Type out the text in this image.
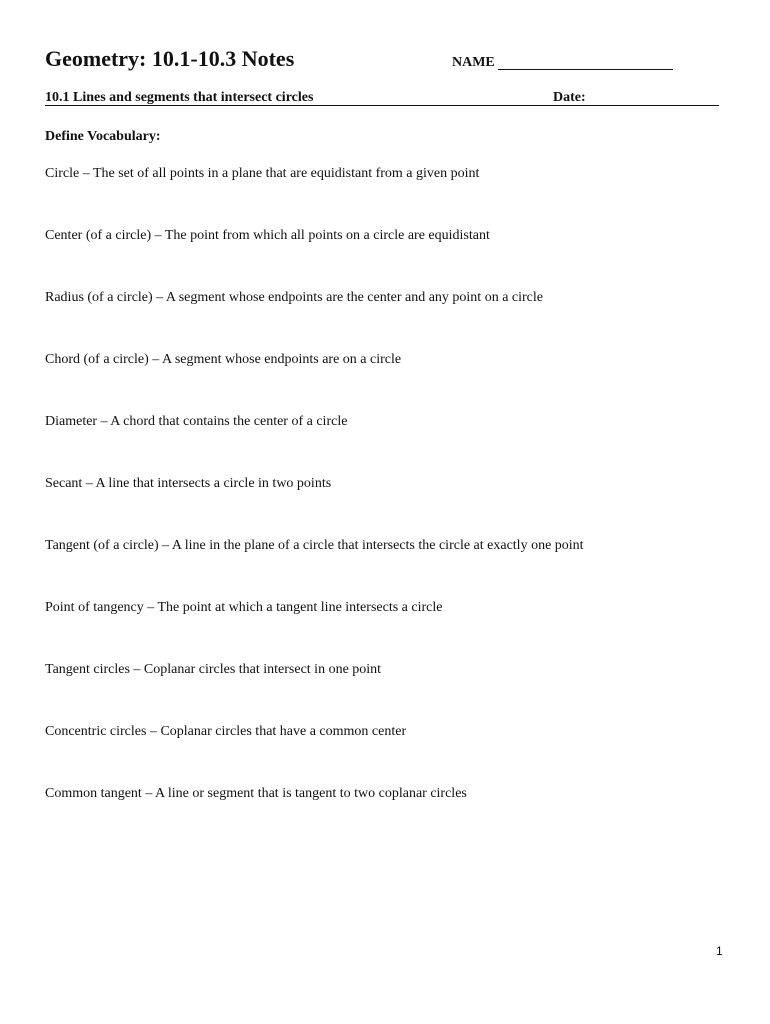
Geometry: 10.1-10.3 Notes	NAME
10.1 Lines and segments that intersect circles	Date:
Define Vocabulary:
Circle – The set of all points in a plane that are equidistant from a given point
Center (of a circle) – The point from which all points on a circle are equidistant
Radius (of a circle) – A segment whose endpoints are the center and any point on a circle
Chord (of a circle) – A segment whose endpoints are on a circle
Diameter – A chord that contains the center of a circle
Secant – A line that intersects a circle in two points
Tangent (of a circle) – A line in the plane of a circle that intersects the circle at exactly one point
Point of tangency – The point at which a tangent line intersects a circle
Tangent circles – Coplanar circles that intersect in one point
Concentric circles – Coplanar circles that have a common center
Common tangent – A line or segment that is tangent to two coplanar circles
1
